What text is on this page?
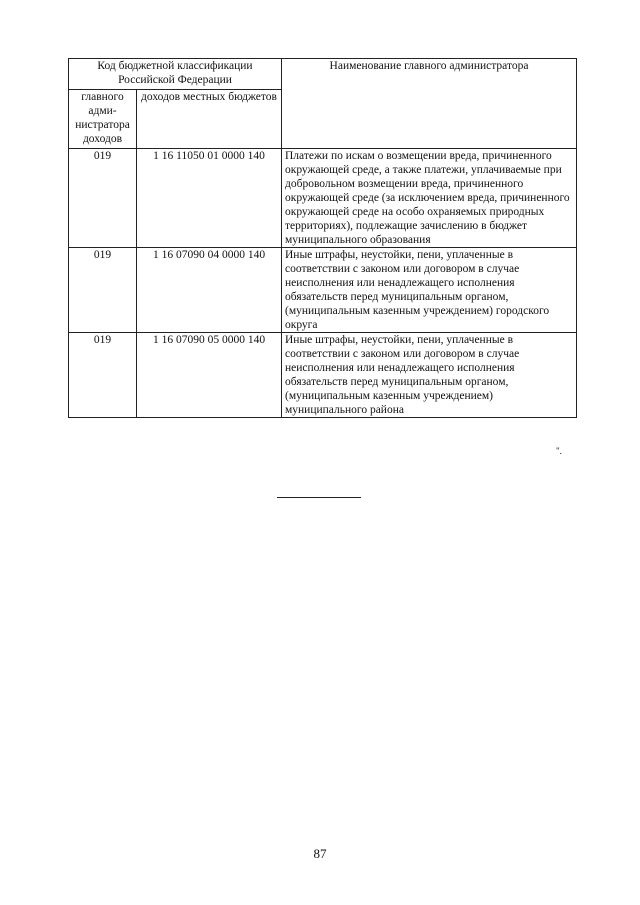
Код бюджетной классификации Российской Федерации		Наименование главного администратора
главного адми-нистратора доходов	доходов местных бюджетов	
019	1 16 11050 01 0000 140	Платежи по искам о возмещении вреда, причиненного окружающей среде, а также платежи, уплачиваемые при добровольном возмещении вреда, причиненного окружающей среде (за исключением вреда, причиненного окружающей среде на особо охраняемых природных территориях), подлежащие зачислению в бюджет муниципального образования
019	1 16 07090 04 0000 140	Иные штрафы, неустойки, пени, уплаченные в соответствии с законом или договором в случае неисполнения или ненадлежащего исполнения обязательств перед муниципальным органом, (муниципальным казенным учреждением) городского округа
019	1 16 07090 05 0000 140	Иные штрафы, неустойки, пени, уплаченные в соответствии с законом или договором в случае неисполнения или ненадлежащего исполнения обязательств перед муниципальным органом, (муниципальным казенным учреждением) муниципального района
".
87
